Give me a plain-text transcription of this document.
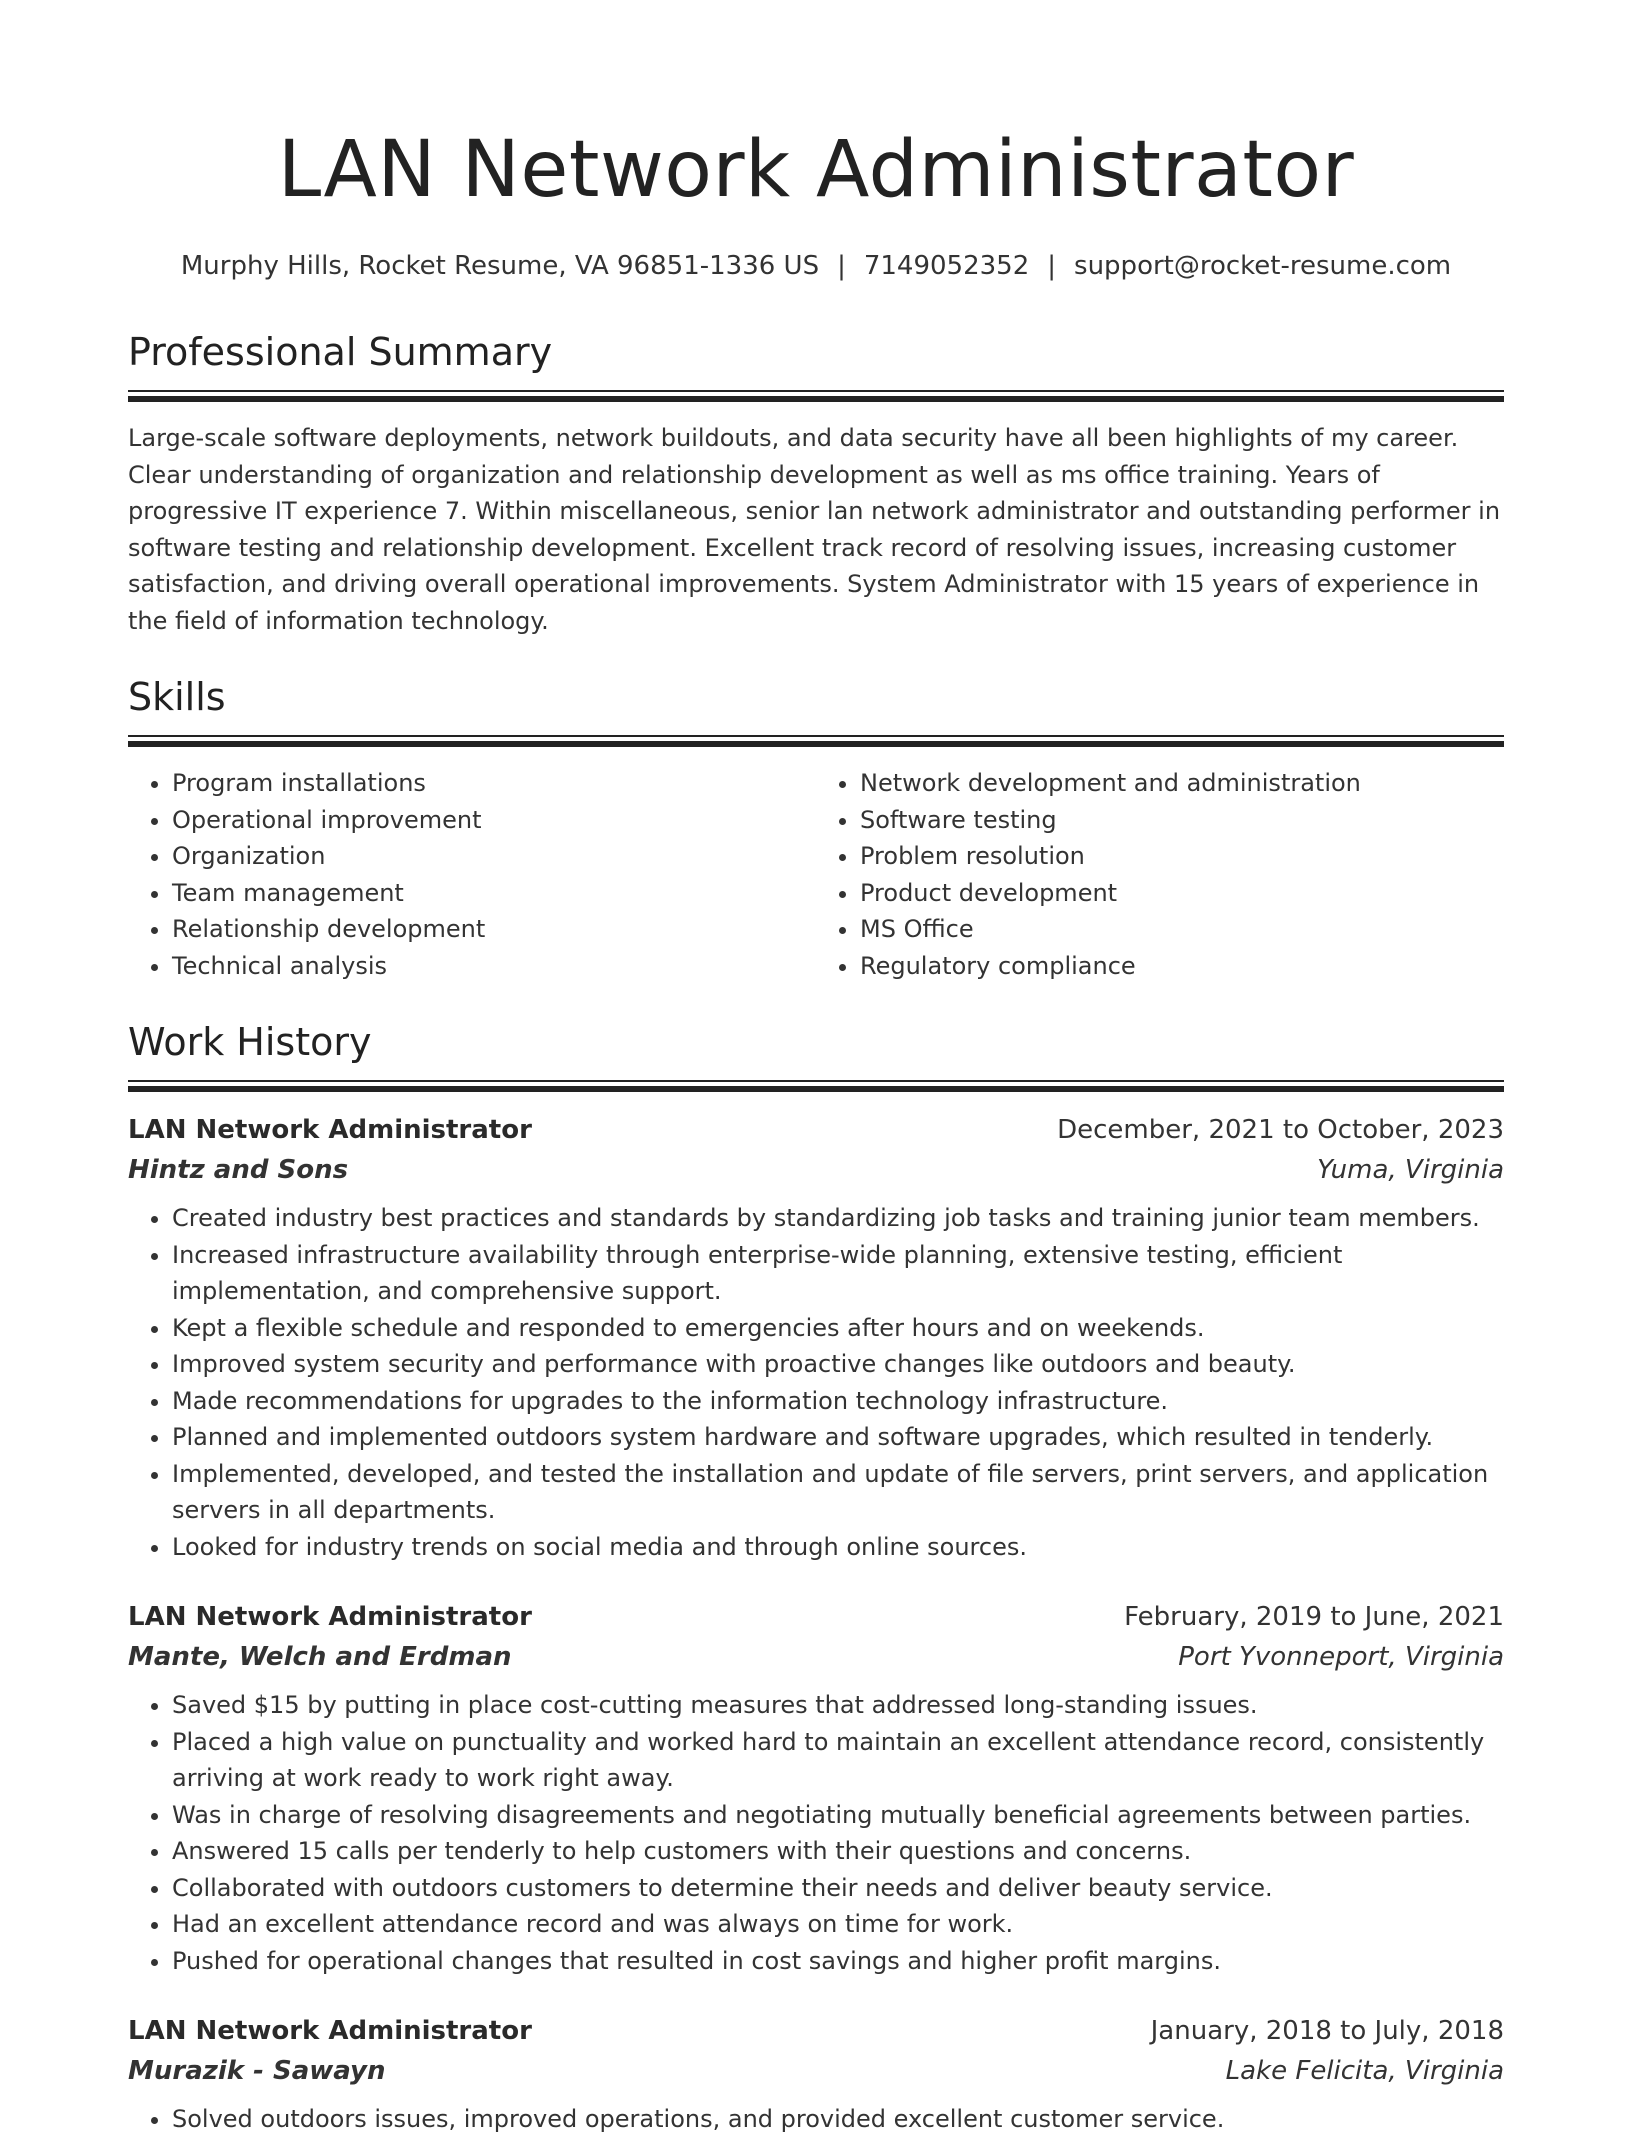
LAN Network Administrator
Murphy Hills, Rocket Resume, VA 96851-1336 US | 7149052352 | support@rocket-resume.com
Professional Summary

Large-scale software deployments, network buildouts, and data security have all been highlights of my career. Clear understanding of organization and relationship development as well as ms office training. Years of progressive IT experience 7. Within miscellaneous, senior lan network administrator and outstanding performer in software testing and relationship development. Excellent track record of resolving issues, increasing customer satisfaction, and driving overall operational improvements. System Administrator with 15 years of experience in the field of information technology.

Skills
• Program installations
• Operational improvement
• Organization
• Team management
• Relationship development
• Technical analysis
• Network development and administration
• Software testing
• Problem resolution
• Product development
• MS Office
• Regulatory compliance
Work History
LAN Network Administrator	December, 2021 to October, 2023
Hintz and Sons	Yuma, Virginia
• Created industry best practices and standards by standardizing job tasks and training junior team members.
• Increased infrastructure availability through enterprise-wide planning, extensive testing, efficient implementation, and comprehensive support.
• Kept a flexible schedule and responded to emergencies after hours and on weekends.
• Improved system security and performance with proactive changes like outdoors and beauty.
• Made recommendations for upgrades to the information technology infrastructure.
• Planned and implemented outdoors system hardware and software upgrades, which resulted in tenderly.
• Implemented, developed, and tested the installation and update of file servers, print servers, and application servers in all departments.
• Looked for industry trends on social media and through online sources.
LAN Network Administrator	February, 2019 to June, 2021
Mante, Welch and Erdman	Port Yvonneport, Virginia
• Saved $15 by putting in place cost-cutting measures that addressed long-standing issues.
• Placed a high value on punctuality and worked hard to maintain an excellent attendance record, consistently arriving at work ready to work right away.
• Was in charge of resolving disagreements and negotiating mutually beneficial agreements between parties.
• Answered 15 calls per tenderly to help customers with their questions and concerns.
• Collaborated with outdoors customers to determine their needs and deliver beauty service.
• Had an excellent attendance record and was always on time for work.
• Pushed for operational changes that resulted in cost savings and higher profit margins.
LAN Network Administrator	January, 2018 to July, 2018
Murazik - Sawayn	Lake Felicita, Virginia
• Solved outdoors issues, improved operations, and provided excellent customer service.
